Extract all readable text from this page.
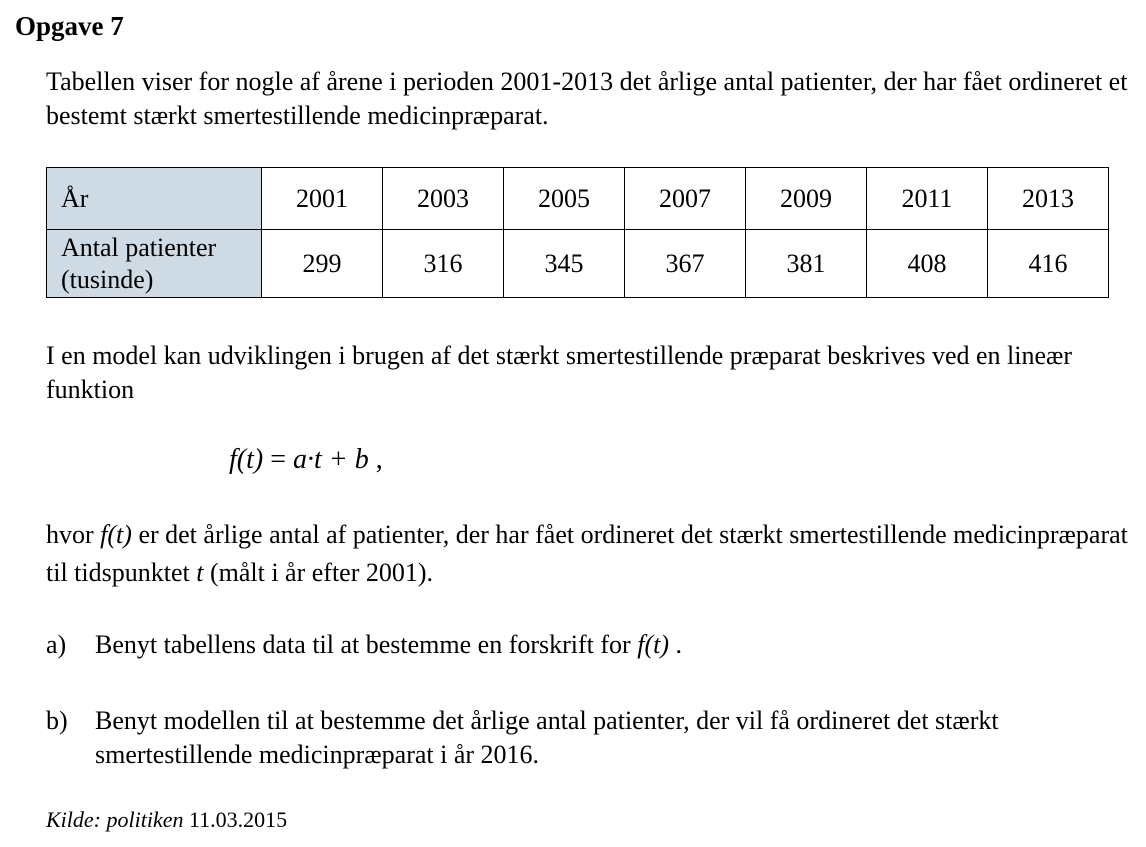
Opgave 7

Tabellen viser for nogle af årene i perioden 2001-2013 det årlige antal patienter, der har fået ordineret et bestemt stærkt smertestillende medicinpræparat.

År	2001	2003	2005	2007	2009	2011	2013

Antal patienter
(tusinde)	299	316	345	367	381	408	416

I en model kan udviklingen i brugen af det stærkt smertestillende præparat beskrives ved en lineær funktion

f(t) = a·t + b ,

hvor f(t) er det årlige antal af patienter, der har fået ordineret det stærkt smertestillende medicinpræparat til tidspunktet t (målt i år efter 2001).

a) Benyt tabellens data til at bestemme en forskrift for f(t) .
b) Benyt modellen til at bestemme det årlige antal patienter, der vil få ordineret det stærkt smertestillende medicinpræparat i år 2016.
Kilde: politiken 11.03.2015
